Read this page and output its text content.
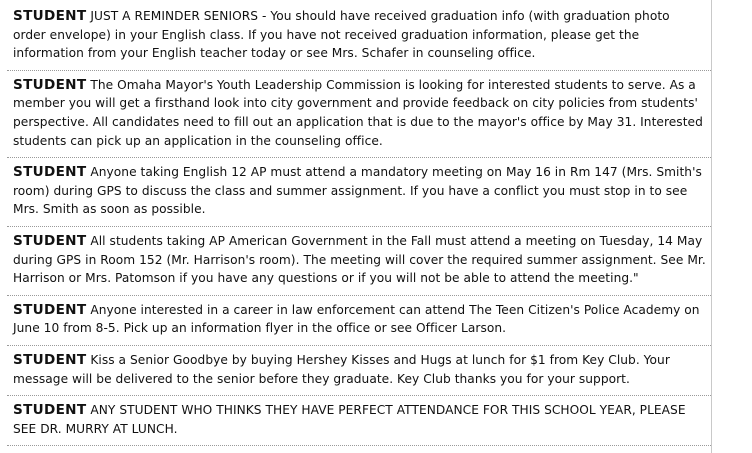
STUDENT JUST A REMINDER SENIORS - You should have received graduation info (with graduation photo order envelope) in your English class. If you have not received graduation information, please get the information from your English teacher today or see Mrs. Schafer in counseling office.
STUDENT The Omaha Mayor's Youth Leadership Commission is looking for interested students to serve. As a member you will get a firsthand look into city government and provide feedback on city policies from students' perspective. All candidates need to fill out an application that is due to the mayor's office by May 31. Interested students can pick up an application in the counseling office.
STUDENT Anyone taking English 12 AP must attend a mandatory meeting on May 16 in Rm 147 (Mrs. Smith's room) during GPS to discuss the class and summer assignment. If you have a conflict you must stop in to see Mrs. Smith as soon as possible.
STUDENT All students taking AP American Government in the Fall must attend a meeting on Tuesday, 14 May during GPS in Room 152 (Mr. Harrison's room). The meeting will cover the required summer assignment. See Mr. Harrison or Mrs. Patomson if you have any questions or if you will not be able to attend the meeting."
STUDENT Anyone interested in a career in law enforcement can attend The Teen Citizen's Police Academy on June 10 from 8-5. Pick up an information flyer in the office or see Officer Larson.
STUDENT Kiss a Senior Goodbye by buying Hershey Kisses and Hugs at lunch for $1 from Key Club. Your message will be delivered to the senior before they graduate. Key Club thanks you for your support.
STUDENT ANY STUDENT WHO THINKS THEY HAVE PERFECT ATTENDANCE FOR THIS SCHOOL YEAR, PLEASE SEE DR. MURRY AT LUNCH.
